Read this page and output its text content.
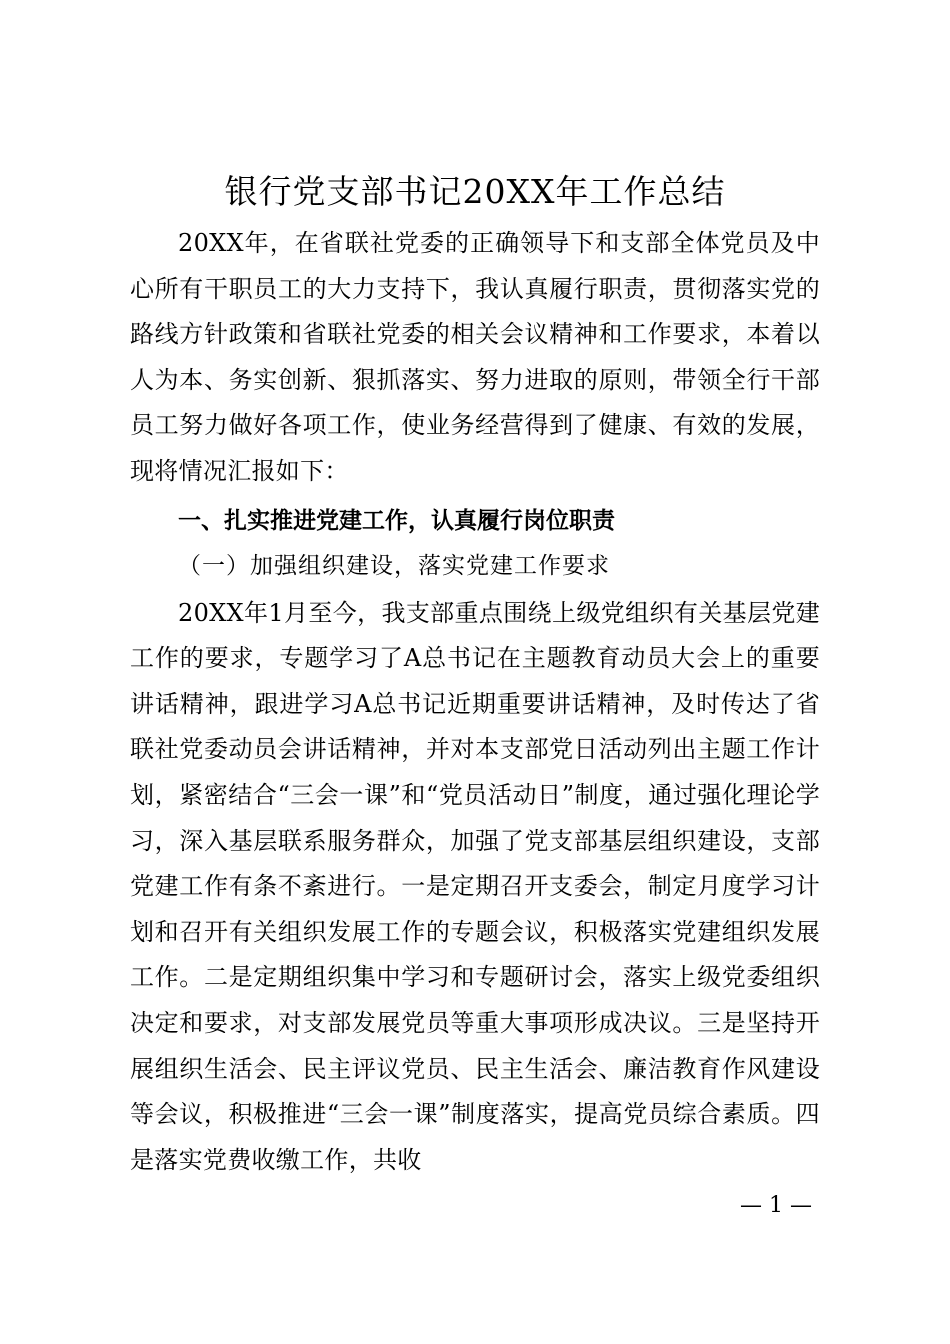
银行党支部书记20XX年工作总结

20XX年，在省联社党委的正确领导下和支部全体党员及中心所有干职员工的大力支持下，我认真履行职责，贯彻落实党的路线方针政策和省联社党委的相关会议精神和工作要求，本着以人为本、务实创新、狠抓落实、努力进取的原则，带领全行干部员工努力做好各项工作，使业务经营得到了健康、有效的发展，现将情况汇报如下：

一、扎实推进党建工作，认真履行岗位职责
（一）加强组织建设，落实党建工作要求

20XX年1月至今，我支部重点围绕上级党组织有关基层党建工作的要求，专题学习了A总书记在主题教育动员大会上的重要讲话精神，跟进学习A总书记近期重要讲话精神，及时传达了省联社党委动员会讲话精神，并对本支部党日活动列出主题工作计划，紧密结合“三会一课”和“党员活动日”制度，通过强化理论学习，深入基层联系服务群众，加强了党支部基层组织建设，支部党建工作有条不紊进行。一是定期召开支委会，制定月度学习计划和召开有关组织发展工作的专题会议，积极落实党建组织发展工作。二是定期组织集中学习和专题研讨会，落实上级党委组织决定和要求，对支部发展党员等重大事项形成决议。三是坚持开展组织生活会、民主评议党员、民主生活会、廉洁教育作风建设等会议，积极推进“三会一课”制度落实，提高党员综合素质。四是落实党费收缴工作，共收

— 1 —
